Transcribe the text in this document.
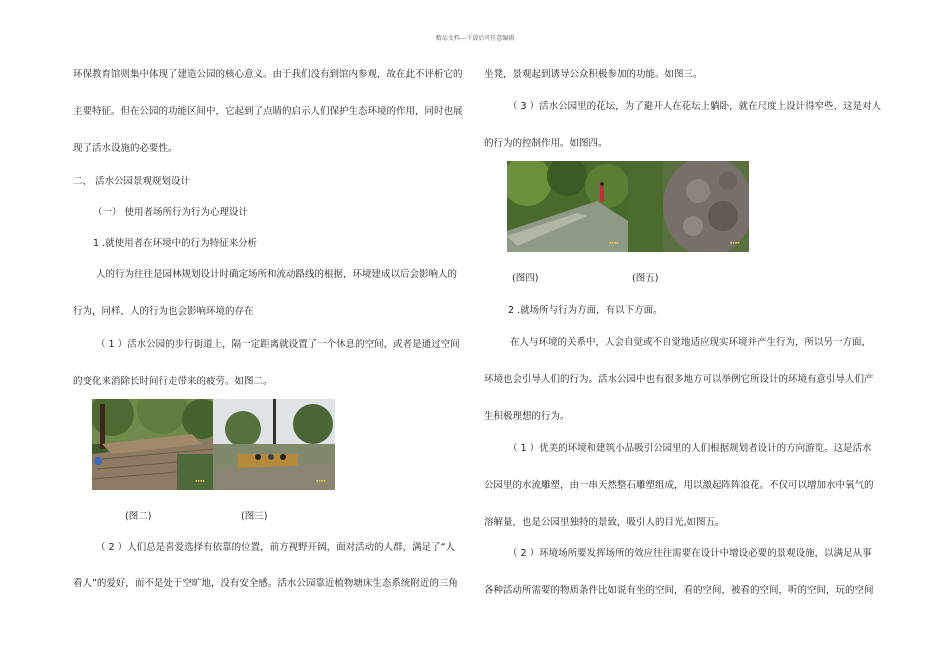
精品文档---下载后可任意编辑
环保教育馆则集中体现了建造公园的核心意义。由于我们没有到馆内参观，故在此不评析它的
主要特征。但在公园的功能区间中，它起到了点睛的启示人们保护生态环境的作用，同时也展
现了活水设施的必要性。
二、 活水公园景观规划设计
（一） 使用者场所行为行为心理设计
1 .就使用者在环境中的行为特征来分析
人的行为往往是园林规划设计时确定场所和流动路线的根据，环境建成以后会影响人的
行为，同样，人的行为也会影响环境的存在
（ 1 ）活水公园的步行街道上，隔一定距离就设置了一个休息的空间，或者是通过空间
的变化来消除长时间行走带来的疲劳。如图二。
▪▪▪▪	▪▪▪▪
(图二)	(图三)
（ 2 ）人们总是喜爱选择有依靠的位置，前方视野开阔，面对活动的人群，满足了“人
看人”的爱好，而不是处于空旷地，没有安全感。活水公园靠近植物塘床生态系统附近的三角
坐凳，景观起到诱导公众积极参加的功能。如图三。
（ 3 ）活水公园里的花坛，为了避开人在花坛上躺卧，就在尺度上设计得窄些，这是对人
的行为的控制作用。如图四。
▪▪▪▪	▪▪▪▪
(图四)	(图五)
2 .就场所与行为方面，有以下方面。
在人与环境的关系中，人会自觉或不自觉地适应现实环境并产生行为，所以另一方面，
环境也会引导人们的行为。活水公园中也有很多地方可以举例它所设计的环境有意引导人们产
生积极理想的行为。
（ 1 ）优美的环境和建筑小品吸引公园里的人们根据规划者设计的方向游览。这是活水
公园里的水流雕塑，由一串天然整石雕塑组成，用以激起阵阵浪花。不仅可以增加水中氧气的
溶解量，也是公园里独特的景致，吸引人的目光,如图五。
（ 2 ）环境场所要发挥场所的效应往往需要在设计中增设必要的景观设施，以满足从事
各种活动所需要的物质条件比如说有坐的空间，看的空间，被看的空间，听的空间，玩的空间
